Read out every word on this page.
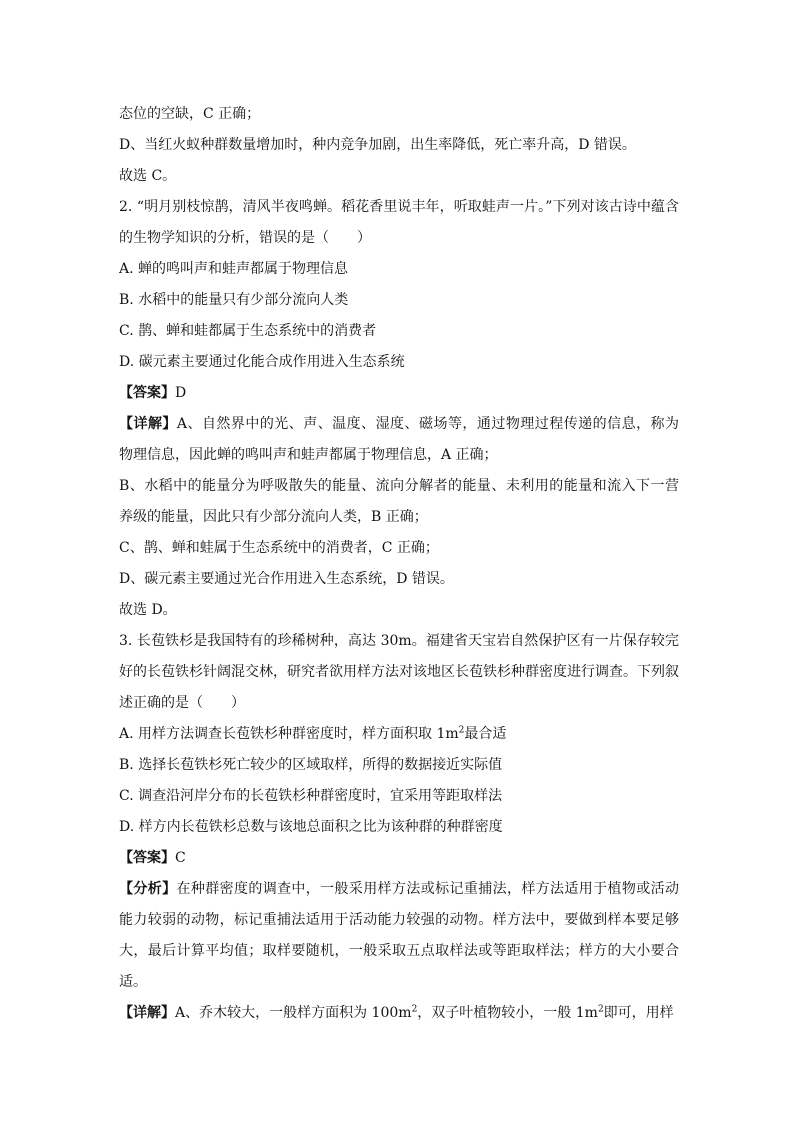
态位的空缺，C 正确；
D、当红火蚁种群数量增加时，种内竞争加剧，出生率降低，死亡率升高，D 错误。
故选 C。
2. “明月别枝惊鹊，清风半夜鸣蝉。稻花香里说丰年，听取蛙声一片。”下列对该古诗中蕴含
的生物学知识的分析，错误的是（　　）
A. 蝉的鸣叫声和蛙声都属于物理信息
B. 水稻中的能量只有少部分流向人类
C. 鹊、蝉和蛙都属于生态系统中的消费者
D. 碳元素主要通过化能合成作用进入生态系统
【答案】D
【详解】A、自然界中的光、声、温度、湿度、磁场等，通过物理过程传递的信息，称为
物理信息，因此蝉的鸣叫声和蛙声都属于物理信息，A 正确；
B、水稻中的能量分为呼吸散失的能量、流向分解者的能量、未利用的能量和流入下一营
养级的能量，因此只有少部分流向人类，B 正确；
C、鹊、蝉和蛙属于生态系统中的消费者，C 正确；
D、碳元素主要通过光合作用进入生态系统，D 错误。
故选 D。
3. 长苞铁杉是我国特有的珍稀树种，高达 30m。福建省天宝岩自然保护区有一片保存较完
好的长苞铁杉针阔混交林，研究者欲用样方法对该地区长苞铁杉种群密度进行调查。下列叙
述正确的是（　　）
A. 用样方法调查长苞铁杉种群密度时，样方面积取 $1m^2$最合适
B. 选择长苞铁杉死亡较少的区域取样，所得的数据接近实际值
C. 调查沿河岸分布的长苞铁杉种群密度时，宜采用等距取样法
D. 样方内长苞铁杉总数与该地总面积之比为该种群的种群密度
【答案】C
【分析】在种群密度的调查中，一般采用样方法或标记重捕法，样方法适用于植物或活动
能力较弱的动物，标记重捕法适用于活动能力较强的动物。样方法中，要做到样本要足够
大，最后计算平均值；取样要随机，一般采取五点取样法或等距取样法；样方的大小要合
适。
【详解】A、乔木较大，一般样方面积为 $100m^2$，双子叶植物较小，一般 $1m^2$即可，用样
